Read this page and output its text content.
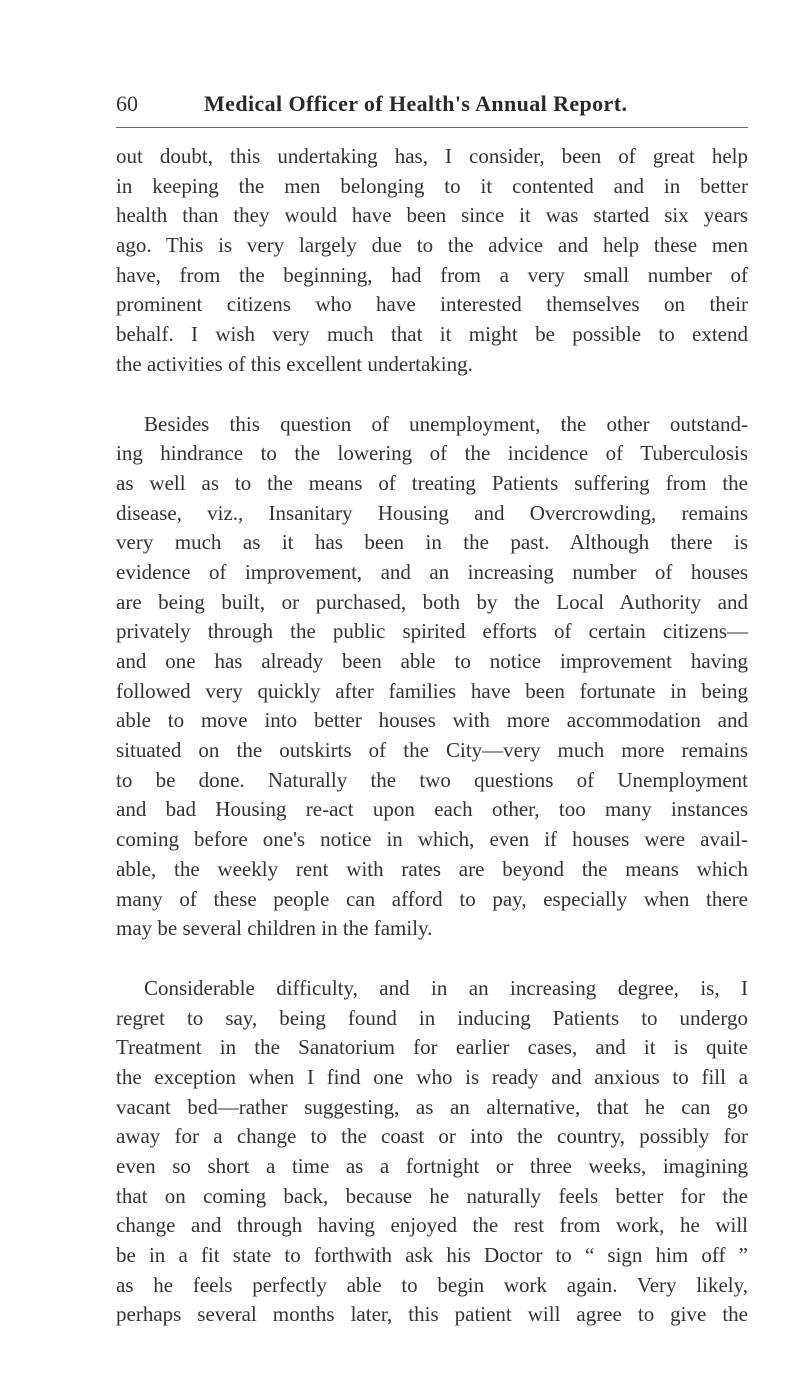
60	Medical Officer of Health's Annual Report.
out doubt, this undertaking has, I consider, been of great help
in keeping the men belonging to it contented and in better
health than they would have been since it was started six years
ago. This is very largely due to the advice and help these men
have, from the beginning, had from a very small number of
prominent citizens who have interested themselves on their
behalf. I wish very much that it might be possible to extend
the activities of this excellent undertaking.
Besides this question of unemployment, the other outstand-
ing hindrance to the lowering of the incidence of Tuberculosis
as well as to the means of treating Patients suffering from the
disease, viz., Insanitary Housing and Overcrowding, remains
very much as it has been in the past. Although there is
evidence of improvement, and an increasing number of houses
are being built, or purchased, both by the Local Authority and
privately through the public spirited efforts of certain citizens—
and one has already been able to notice improvement having
followed very quickly after families have been fortunate in being
able to move into better houses with more accommodation and
situated on the outskirts of the City—very much more remains
to be done. Naturally the two questions of Unemployment
and bad Housing re-act upon each other, too many instances
coming before one's notice in which, even if houses were avail-
able, the weekly rent with rates are beyond the means which
many of these people can afford to pay, especially when there
may be several children in the family.
Considerable difficulty, and in an increasing degree, is, I
regret to say, being found in inducing Patients to undergo
Treatment in the Sanatorium for earlier cases, and it is quite
the exception when I find one who is ready and anxious to fill a
vacant bed—rather suggesting, as an alternative, that he can go
away for a change to the coast or into the country, possibly for
even so short a time as a fortnight or three weeks, imagining
that on coming back, because he naturally feels better for the
change and through having enjoyed the rest from work, he will
be in a fit state to forthwith ask his Doctor to “ sign him off ”
as he feels perfectly able to begin work again. Very likely,
perhaps several months later, this patient will agree to give the
